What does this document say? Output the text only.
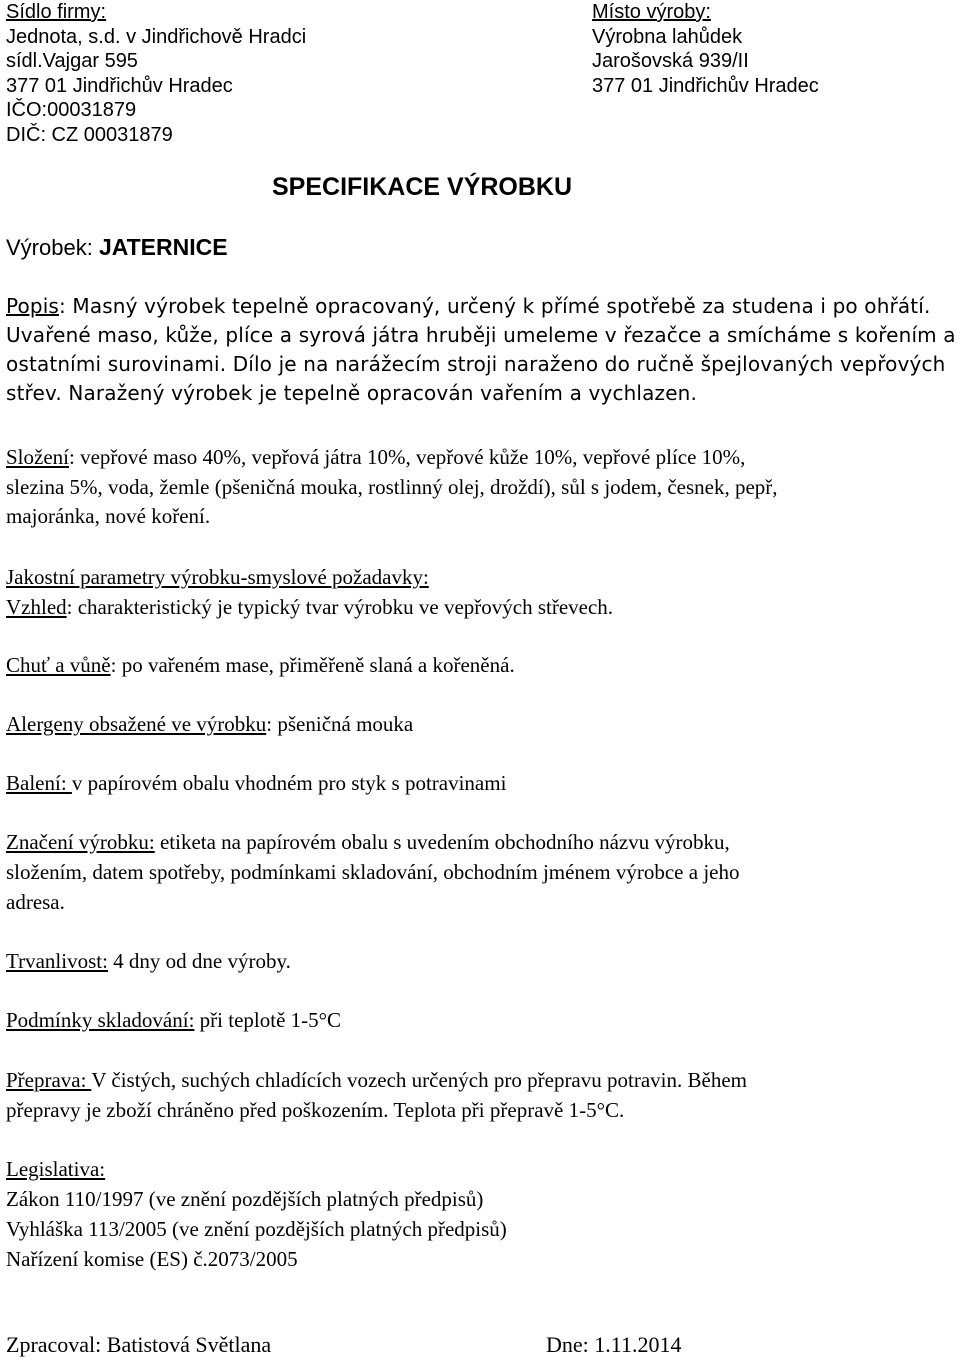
Sídlo firmy:
Jednota, s.d. v Jindřichově Hradci
sídl.Vajgar 595
377 01 Jindřichův Hradec
IČO:00031879
DIČ: CZ 00031879
Místo výroby:
Výrobna lahůdek
Jarošovská 939/II
377 01 Jindřichův Hradec
SPECIFIKACE VÝROBKU
Výrobek: JATERNICE
Popis: Masný výrobek tepelně opracovaný, určený k přímé spotřebě za studena i po ohřátí.
Uvařené maso, kůže, plíce a syrová játra hruběji umeleme v řezačce a smícháme s kořením a
ostatními surovinami. Dílo je na narážecím stroji naraženo do ručně špejlovaných vepřových
střev. Naražený výrobek je tepelně opracován vařením a vychlazen.
Složení: vepřové maso 40%, vepřová játra 10%, vepřové kůže 10%, vepřové plíce 10%,
slezina 5%, voda, žemle (pšeničná mouka, rostlinný olej, droždí), sůl s jodem, česnek, pepř,
majoránka, nové koření.
Jakostní parametry výrobku-smyslové požadavky:
Vzhled: charakteristický je typický tvar výrobku ve vepřových střevech.
Chuť a vůně: po vařeném mase, přiměřeně slaná a kořeněná.
Alergeny obsažené ve výrobku: pšeničná mouka
Balení: v papírovém obalu vhodném pro styk s potravinami
Značení výrobku: etiketa na papírovém obalu s uvedením obchodního názvu výrobku,
složením, datem spotřeby, podmínkami skladování, obchodním jménem výrobce a jeho
adresa.
Trvanlivost: 4 dny od dne výroby.
Podmínky skladování: při teplotě 1-5°C
Přeprava: V čistých, suchých chladících vozech určených pro přepravu potravin. Během
přepravy je zboží chráněno před poškozením. Teplota při přepravě 1-5°C.
Legislativa:
Zákon 110/1997 (ve znění pozdějších platných předpisů)
Vyhláška 113/2005 (ve znění pozdějších platných předpisů)
Nařízení komise (ES) č.2073/2005
Zpracoval: Batistová Světlana	Dne: 1.11.2014
